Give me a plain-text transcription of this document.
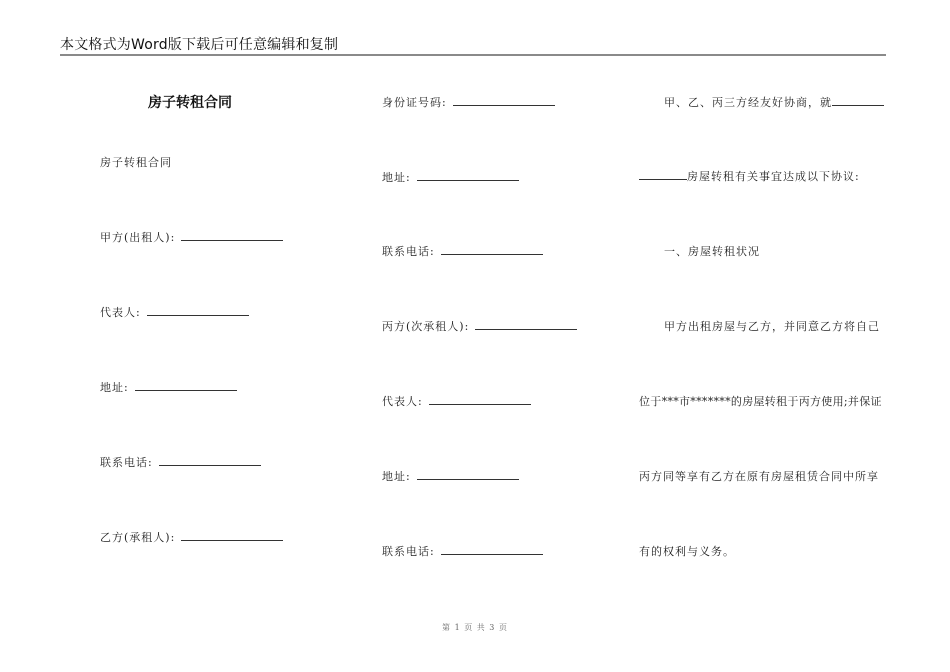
本文格式为Word版下载后可任意编辑和复制
房子转租合同
房子转租合同
甲方(出租人):
代表人:
地址:
联系电话:
乙方(承租人):
身份证号码:
地址:
联系电话:
丙方(次承租人):
代表人:
地址:
联系电话:
甲、乙、丙三方经友好协商，就
房屋转租有关事宜达成以下协议:
一、房屋转租状况
甲方出租房屋与乙方，并同意乙方将自己
位于***市*******的房屋转租于丙方使用;并保证
丙方同等享有乙方在原有房屋租赁合同中所享
有的权利与义务。
第 1 页 共 3 页
